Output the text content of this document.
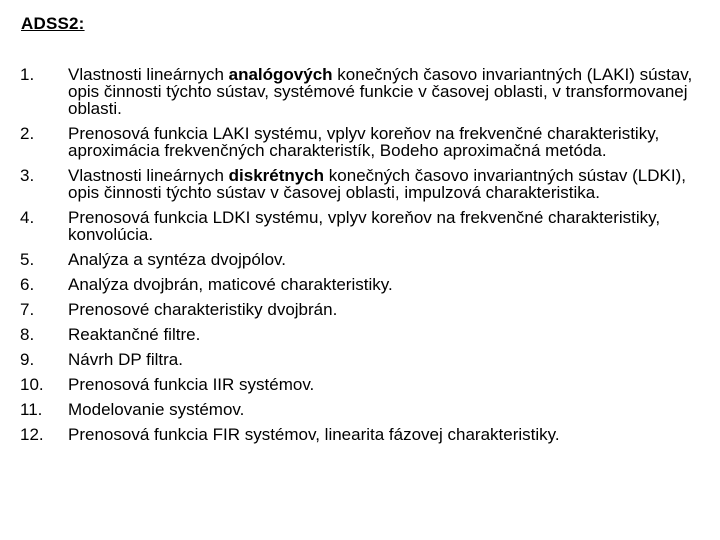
ADSS2:
1.	Vlastnosti lineárnych analógových konečných časovo invariantných (LAKI) sústav, opis činnosti týchto sústav, systémové funkcie v časovej oblasti, v transformovanej oblasti.
2.	Prenosová funkcia LAKI systému, vplyv koreňov na frekvenčné charakteristiky, aproximácia frekvenčných charakteristík, Bodeho aproximačná metóda.
3.	Vlastnosti lineárnych diskrétnych konečných časovo invariantných sústav (LDKI), opis činnosti týchto sústav v časovej oblasti, impulzová charakteristika.
4.	Prenosová funkcia LDKI systému, vplyv koreňov na frekvenčné charakteristiky, konvolúcia.
5.	Analýza a syntéza dvojpólov.
6.	Analýza dvojbrán, maticové charakteristiky.
7.	Prenosové charakteristiky dvojbrán.
8.	Reaktančné filtre.
9.	Návrh DP filtra.
10.	Prenosová funkcia IIR systémov.
11.	Modelovanie systémov.
12.	Prenosová funkcia FIR systémov, linearita fázovej charakteristiky.
